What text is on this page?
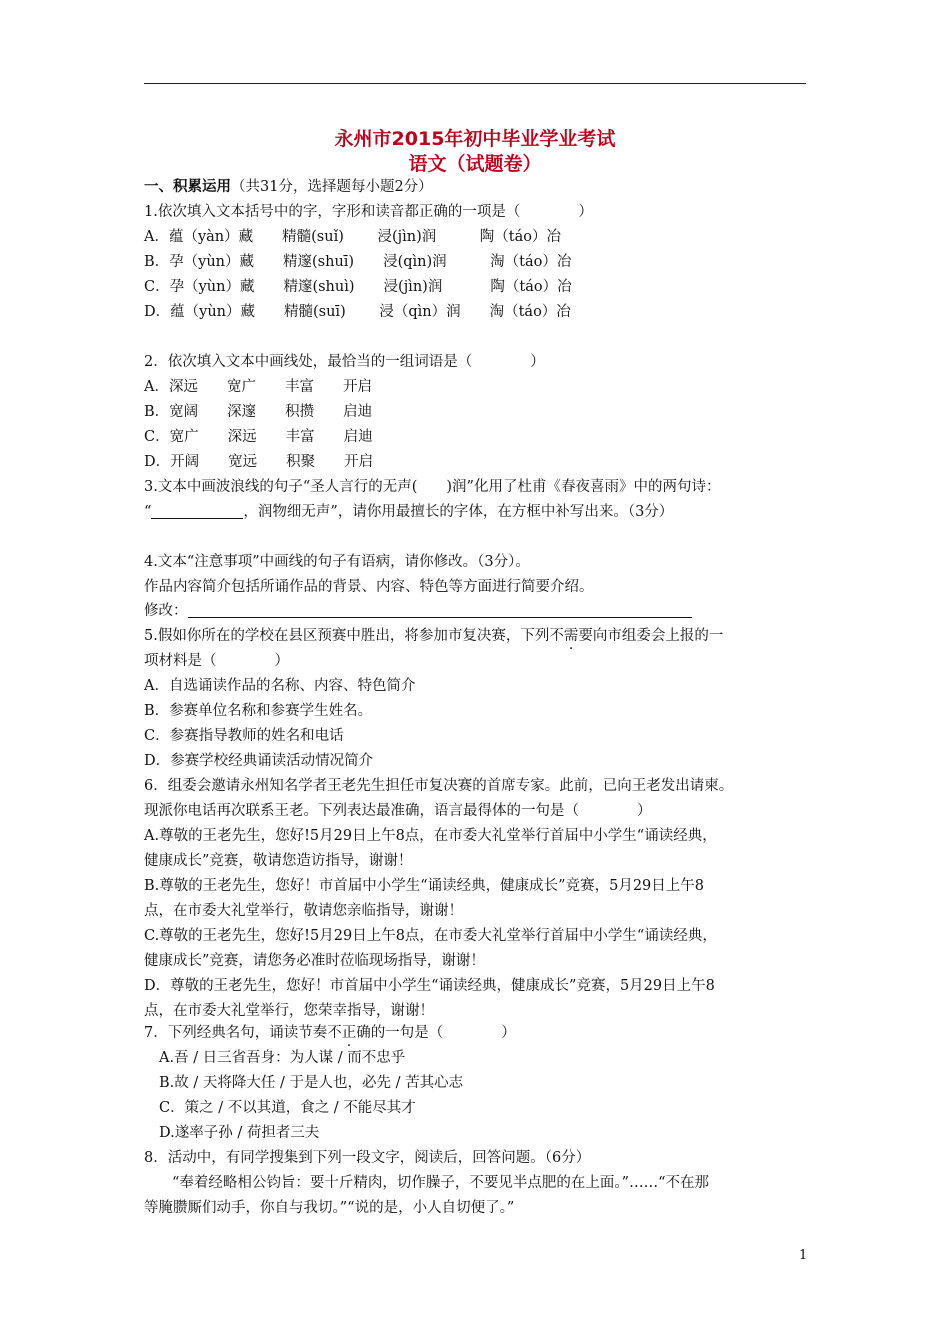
永州市2015年初中毕业学业考试
语文（试题卷）
一、积累运用（共31分，选择题每小题2分）
1.依次填入文本括号中的字，字形和读音都正确的一项是（　　　　）
A．蕴（yàn）藏　　精髓(suǐ)　　 浸(jìn)润　　　陶（táo）冶
B．孕（yùn）藏　　精邃(shuī)　　浸(qìn)润　　　淘（táo）冶
C．孕（yùn）藏　　精邃(shuì)　　浸(jìn)润　　　 陶（táo）冶
D．蕴（yùn）藏　　精髓(suī)　　 浸（qìn）润　　淘（táo）冶
2．依次填入文本中画线处，最恰当的一组词语是（　　　　）
A．深远　　宽广　　丰富　　开启
B．宽阔　　深邃　　积攒　　启迪
C．宽广　　深远　　丰富　　启迪
D．开阔　　宽远　　积聚　　开启
3.文本中画波浪线的句子“圣人言行的无声(　　)润”化用了杜甫《春夜喜雨》中的两句诗：
“	，润物细无声”，请你用最擅长的字体，在方框中补写出来。（3分）
4.文本“注意事项”中画线的句子有语病，请你修改。（3分）。
作品内容简介包括所诵作品的背景、内容、特色等方面进行简要介绍。
修改：
5.假如你所在的学校在县区预赛中胜出，将参加市复决赛，下列不需要向市组委会上报的一
项材料是（　　　　）
A．自选诵读作品的名称、内容、特色简介
B．参赛单位名称和参赛学生姓名。
C．参赛指导教师的姓名和电话
D．参赛学校经典诵读活动情况简介
6．组委会邀请永州知名学者王老先生担任市复决赛的首席专家。此前，已向王老发出请柬。
现派你电话再次联系王老。下列表达最准确，语言最得体的一句是（　　　　）
A.尊敬的王老先生，您好!5月29日上午8点，在市委大礼堂举行首届中小学生“诵读经典，
健康成长”竞赛，敬请您造访指导，谢谢！
B.尊敬的王老先生，您好！市首届中小学生“诵读经典，健康成长”竞赛，5月29日上午8
点，在市委大礼堂举行，敬请您亲临指导，谢谢！
C.尊敬的王老先生，您好!5月29日上午8点，在市委大礼堂举行首届中小学生“诵读经典，
健康成长”竞赛，请您务必准时莅临现场指导，谢谢！
D．尊敬的王老先生，您好！市首届中小学生“诵读经典，健康成长”竞赛，5月29日上午8
点，在市委大礼堂举行，您荣幸指导，谢谢！
7．下列经典名句，诵读节奏不正确的一句是（　　　　）
A.吾 / 日三省吾身：为人谋 / 而不忠乎
B.故 / 天将降大任 / 于是人也，必先 / 苦其心志
C．策之 / 不以其道，食之 / 不能尽其才
D.遂率子孙 / 荷担者三夫
8．活动中，有同学搜集到下列一段文字，阅读后，回答问题。（6分）
“奉着经略相公钧旨：要十斤精肉，切作臊子，不要见半点肥的在上面。”……“不在那
等腌臜厮们动手，你自与我切。”“说的是，小人自切便了。”
1
